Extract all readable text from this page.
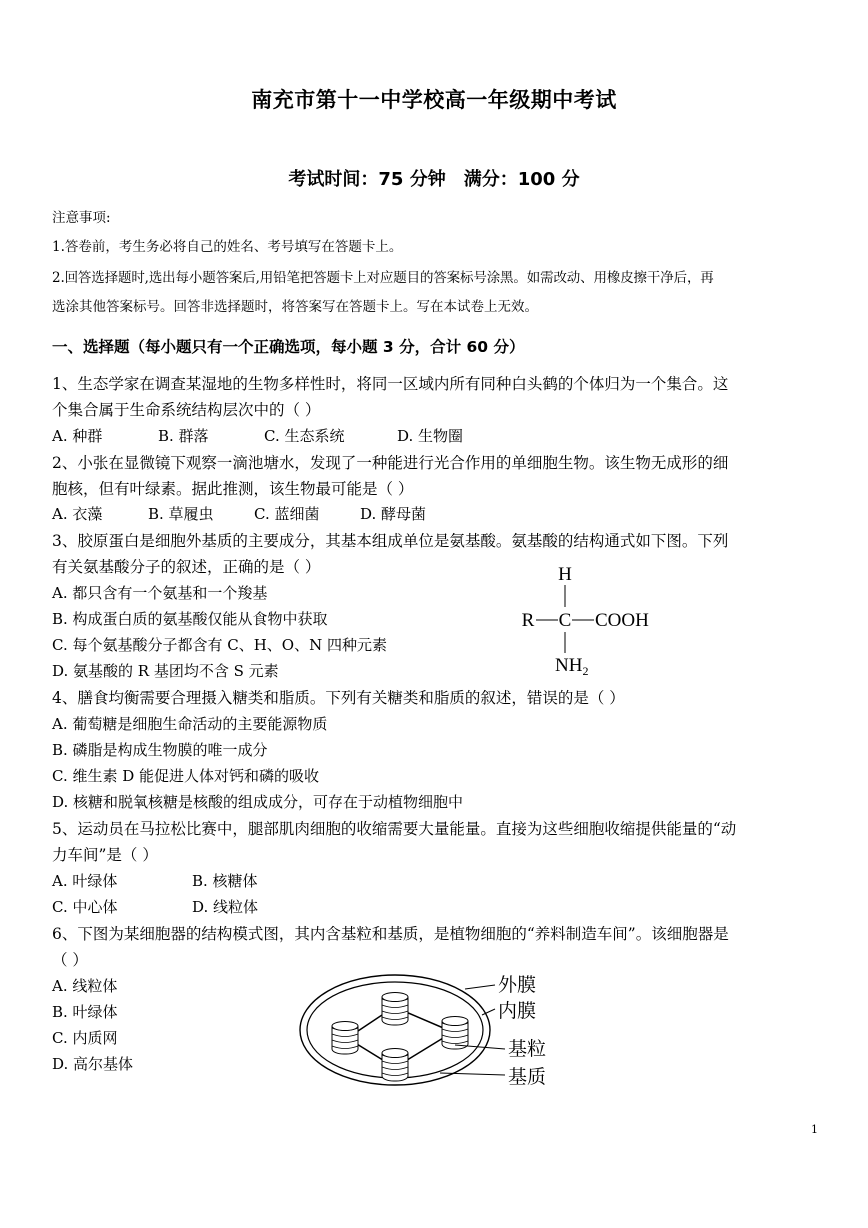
南充市第十一中学校高一年级期中考试
考试时间：75 分钟 满分：100 分
注意事项:
1.答卷前，考生务必将自己的姓名、考号填写在答题卡上。
2.回答选择题时,选出每小题答案后,用铅笔把答题卡上对应题目的答案标号涂黑。如需改动、用橡皮擦干净后，再
选涂其他答案标号。回答非选择题时，将答案写在答题卡上。写在本试卷上无效。
一、选择题（每小题只有一个正确选项，每小题 3 分，合计 60 分）
1、生态学家在调查某湿地的生物多样性时，将同一区域内所有同种白头鹤的个体归为一个集合。这
个集合属于生命系统结构层次中的（ ）
A. 种群	B. 群落	C. 生态系统	D. 生物圈
2、小张在显微镜下观察一滴池塘水，发现了一种能进行光合作用的单细胞生物。该生物无成形的细
胞核，但有叶绿素。据此推测，该生物最可能是（ ）
A. 衣藻	B. 草履虫	C. 蓝细菌	D. 酵母菌
3、胶原蛋白是细胞外基质的主要成分，其基本组成单位是氨基酸。氨基酸的结构通式如下图。下列
有关氨基酸分子的叙述，正确的是（ ）
A. 都只含有一个氨基和一个羧基
B. 构成蛋白质的氨基酸仅能从食物中获取
C. 每个氨基酸分子都含有 C、H、O、N 四种元素
D. 氨基酸的 R 基团均不含 S 元素
H
R C COOH
$NH_2$
4、膳食均衡需要合理摄入糖类和脂质。下列有关糖类和脂质的叙述，错误的是（ ）
A. 葡萄糖是细胞生命活动的主要能源物质
B. 磷脂是构成生物膜的唯一成分
C. 维生素 D 能促进人体对钙和磷的吸收
D. 核糖和脱氧核糖是核酸的组成成分，可存在于动植物细胞中
5、运动员在马拉松比赛中，腿部肌肉细胞的收缩需要大量能量。直接为这些细胞收缩提供能量的“动
力车间”是（ ）
A. 叶绿体	B. 核糖体
C. 中心体	D. 线粒体
6、下图为某细胞器的结构模式图，其内含基粒和基质，是植物细胞的“养料制造车间”。该细胞器是
（ ）
A. 线粒体
B. 叶绿体
C. 内质网
D. 高尔基体
外膜
内膜
基粒
基质
1
